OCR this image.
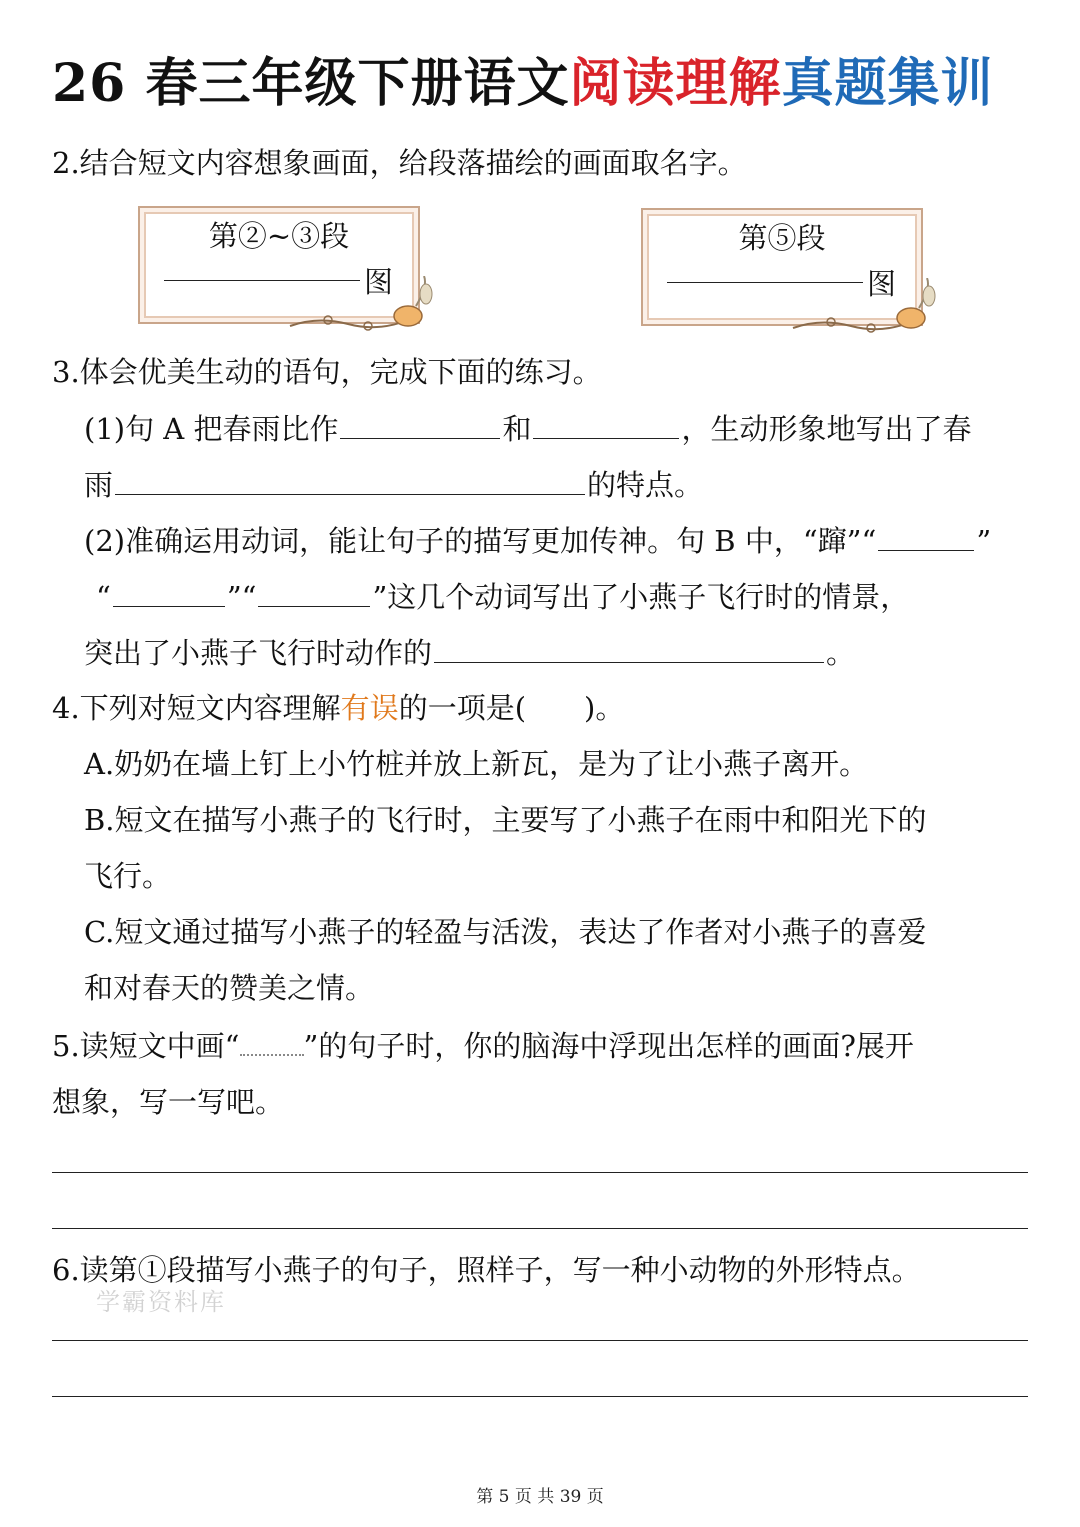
26 春三年级下册语文阅读理解真题集训
2.结合短文内容想象画面，给段落描绘的画面取名字。
第②~③段
图
第⑤段
图
3.体会优美生动的语句，完成下面的练习。
(1)句 A 把春雨比作	和	，生动形象地写出了春
雨	的特点。
(2)准确运用动词，能让句子的描写更加传神。句 B 中，“蹿”“	”
“	”“	”这几个动词写出了小燕子飞行时的情景，
突出了小燕子飞行时动作的	。
4.下列对短文内容理解有误的一项是( )。
A.奶奶在墙上钉上小竹桩并放上新瓦，是为了让小燕子离开。
B.短文在描写小燕子的飞行时，主要写了小燕子在雨中和阳光下的
飞行。
C.短文通过描写小燕子的轻盈与活泼，表达了作者对小燕子的喜爱
和对春天的赞美之情。
5.读短文中画“ ”的句子时，你的脑海中浮现出怎样的画面?展开
想象，写一写吧。
6.读第①段描写小燕子的句子，照样子，写一种小动物的外形特点。
学霸资料库
第 5 页 共 39 页
